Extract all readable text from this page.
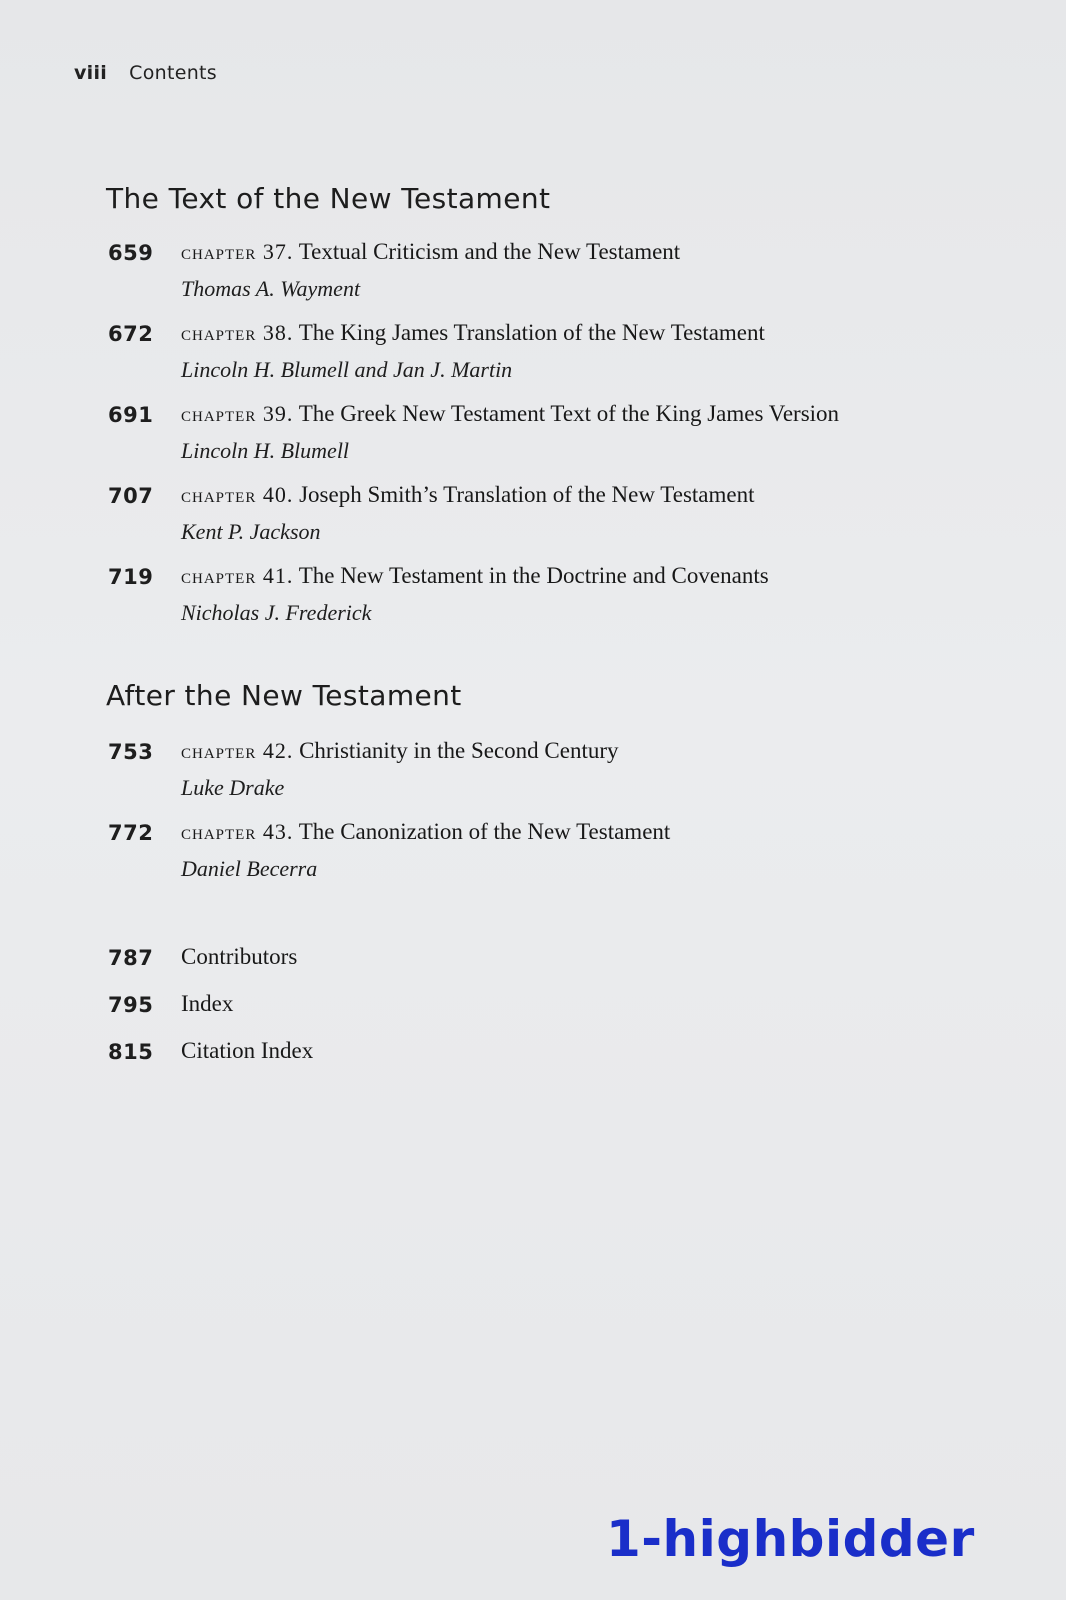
viii Contents
The Text of the New Testament
659 chapter 37. Textual Criticism and the New Testament
Thomas A. Wayment
672 chapter 38. The King James Translation of the New Testament
Lincoln H. Blumell and Jan J. Martin
691 chapter 39. The Greek New Testament Text of the King James Version
Lincoln H. Blumell
707 chapter 40. Joseph Smith’s Translation of the New Testament
Kent P. Jackson
719 chapter 41. The New Testament in the Doctrine and Covenants
Nicholas J. Frederick
After the New Testament
753 chapter 42. Christianity in the Second Century
Luke Drake
772 chapter 43. The Canonization of the New Testament
Daniel Becerra
787 Contributors
795 Index
815 Citation Index
1-highbidder
